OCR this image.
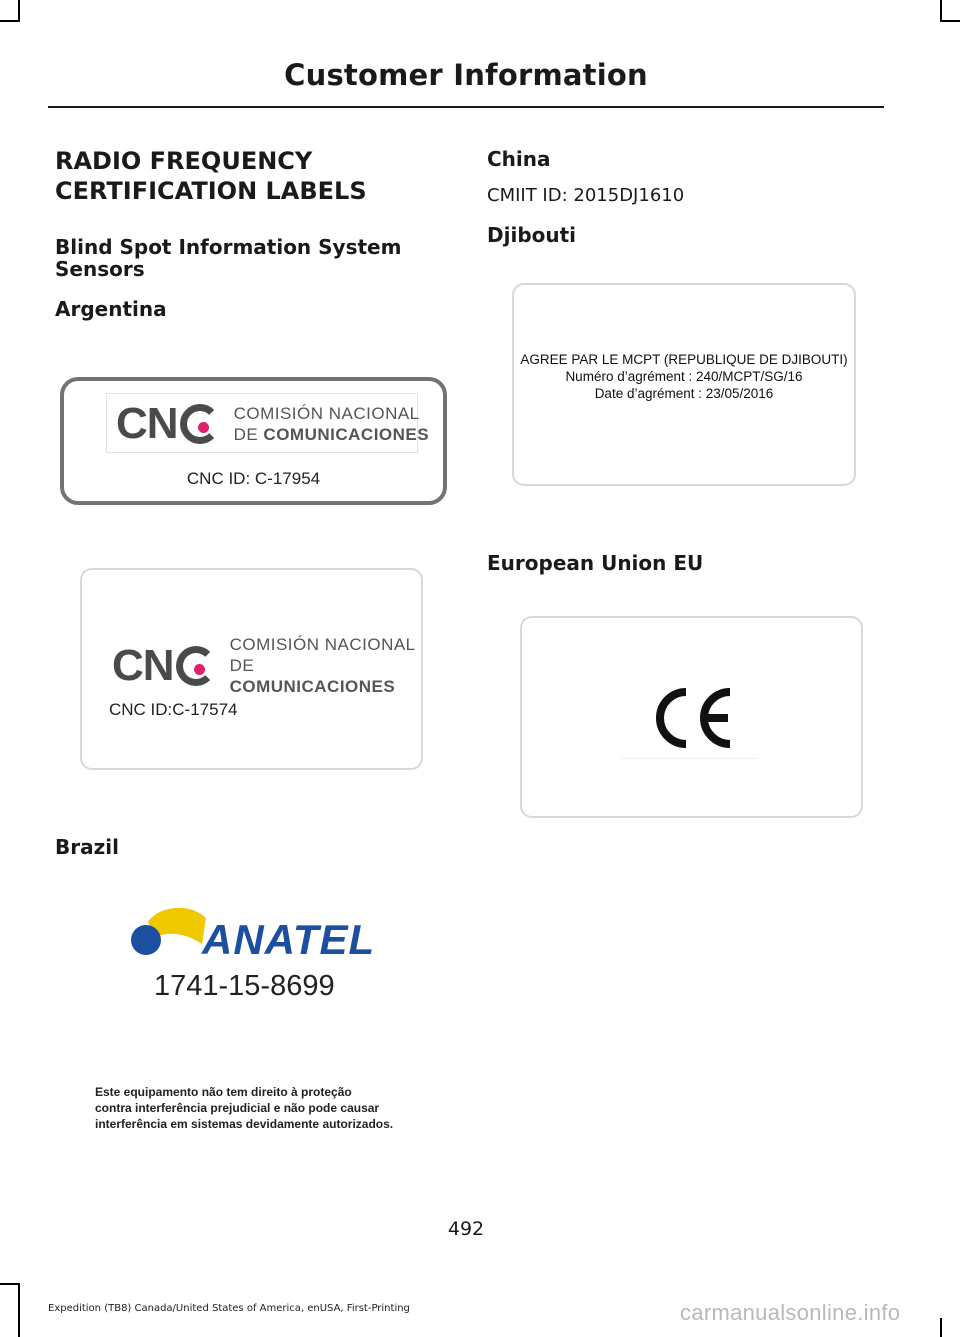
Customer Information
RADIO FREQUENCY
CERTIFICATION LABELS
Blind Spot Information System Sensors
Argentina
CN	COMISIÓN NACIONAL
DE COMUNICACIONES
CNC ID: C-17954
CN	COMISIÓN NACIONAL
DE COMUNICACIONES
CNC ID:C-17574
Brazil
ANATEL
1741-15-8699
Este equipamento não tem direito à proteção
contra interferência prejudicial e não pode causar
interferência em sistemas devidamente autorizados.
China
CMIIT ID: 2015DJ1610
Djibouti
AGREE PAR LE MCPT (REPUBLIQUE DE DJIBOUTI)
Numéro d’agrément : 240/MCPT/SG/16
Date d’agrément : 23/05/2016
European Union EU
492
Expedition (TB8) Canada/United States of America, enUSA, First-Printing	carmanualsonline.info
